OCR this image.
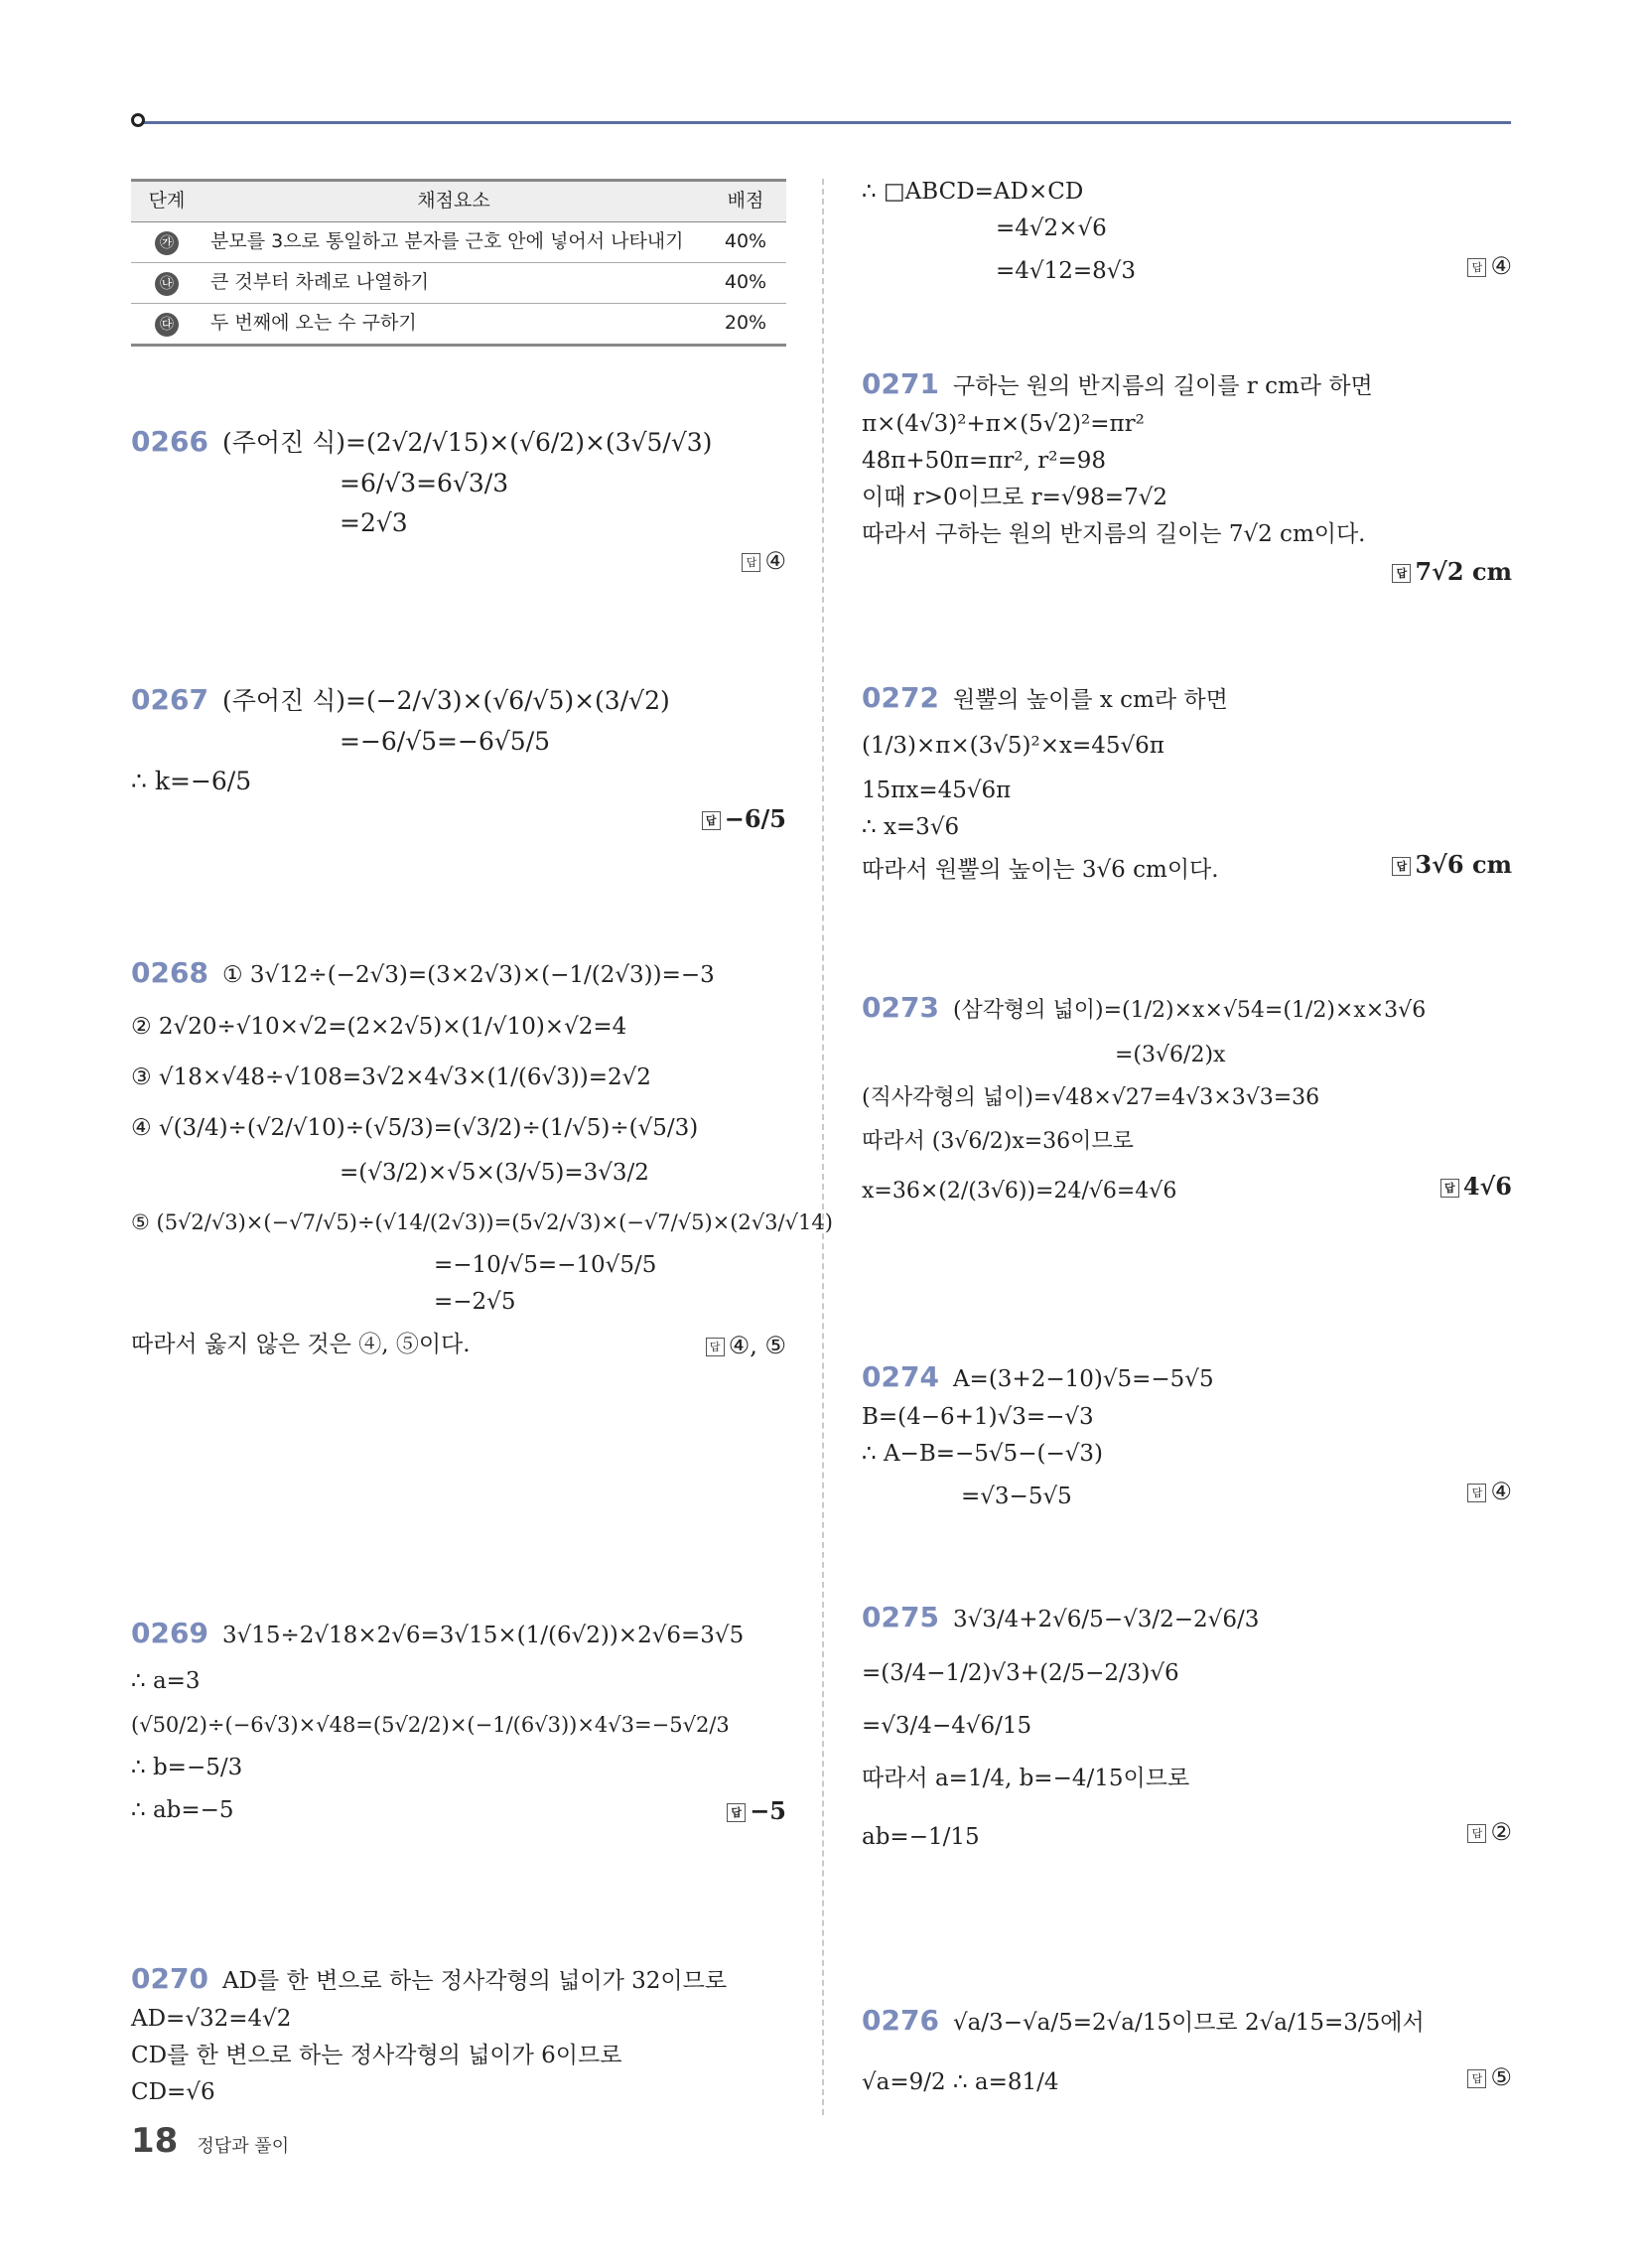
단계	채점요소	배점
㉮	분모를 3으로 통일하고 분자를 근호 안에 넣어서 나타내기	40%
㉯	큰 것부터 차례로 나열하기	40%
㉰	두 번째에 오는 수 구하기	20%
0266 (주어진 식)=(2√2/√15)×(√6/2)×(3√5/√3)
=6/√3=6√3/3
=2√3
답 ④
0267 (주어진 식)=(−2/√3)×(√6/√5)×(3/√2)
=−6/√5=−6√5/5
∴ k=−6/5
답 −6/5
0268 ① 3√12÷(−2√3)=(3×2√3)×(−1/(2√3))=−3
② 2√20÷√10×√2=(2×2√5)×(1/√10)×√2=4
③ √18×√48÷√108=3√2×4√3×(1/(6√3))=2√2
④ √(3/4)÷(√2/√10)÷(√5/3)=(√3/2)÷(1/√5)÷(√5/3)
=(√3/2)×√5×(3/√5)=3√3/2
⑤ (5√2/√3)×(−√7/√5)÷(√14/(2√3))=(5√2/√3)×(−√7/√5)×(2√3/√14)
=−10/√5=−10√5/5
=−2√5
따라서 옳지 않은 것은 ④, ⑤이다.	답 ④, ⑤
0269 3√15÷2√18×2√6=3√15×(1/(6√2))×2√6=3√5
∴ a=3
(√50/2)÷(−6√3)×√48=(5√2/2)×(−1/(6√3))×4√3=−5√2/3
∴ b=−5/3
∴ ab=−5	답 −5
0270 AD를 한 변으로 하는 정사각형의 넓이가 32이므로
AD=√32=4√2
CD를 한 변으로 하는 정사각형의 넓이가 6이므로
CD=√6
∴ □ABCD=AD×CD
=4√2×√6
=4√12=8√3	답 ④
0271 구하는 원의 반지름의 길이를 r cm라 하면
π×(4√3)²+π×(5√2)²=πr²
48π+50π=πr², r²=98
이때 r>0이므로 r=√98=7√2
따라서 구하는 원의 반지름의 길이는 7√2 cm이다.
답 7√2 cm
0272 원뿔의 높이를 x cm라 하면
(1/3)×π×(3√5)²×x=45√6π
15πx=45√6π
∴ x=3√6
따라서 원뿔의 높이는 3√6 cm이다.	답 3√6 cm
0273 (삼각형의 넓이)=(1/2)×x×√54=(1/2)×x×3√6
=(3√6/2)x
(직사각형의 넓이)=√48×√27=4√3×3√3=36
따라서 (3√6/2)x=36이므로
x=36×(2/(3√6))=24/√6=4√6	답 4√6
0274 A=(3+2−10)√5=−5√5
B=(4−6+1)√3=−√3
∴ A−B=−5√5−(−√3)
=√3−5√5	답 ④
0275 3√3/4+2√6/5−√3/2−2√6/3
=(3/4−1/2)√3+(2/5−2/3)√6
=√3/4−4√6/15
따라서 a=1/4, b=−4/15이므로
ab=−1/15	답 ②
0276 √a/3−√a/5=2√a/15이므로 2√a/15=3/5에서
√a=9/2 ∴ a=81/4	답 ⑤
18 정답과 풀이
